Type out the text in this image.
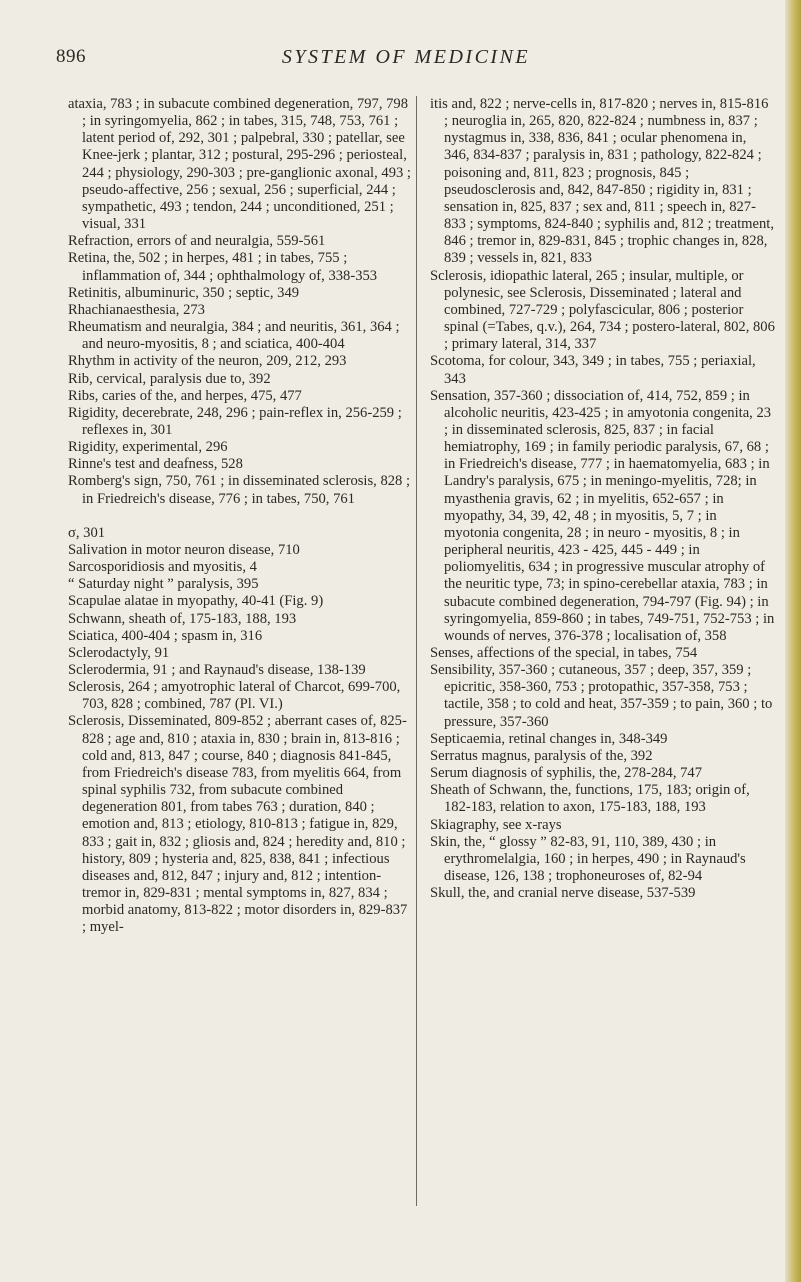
896	SYSTEM OF MEDICINE

ataxia, 783 ; in subacute combined degeneration, 797, 798 ; in syringomyelia, 862 ; in tabes, 315, 748, 753, 761 ; latent period of, 292, 301 ; palpebral, 330 ; patellar, see Knee-jerk ; plantar, 312 ; postural, 295-296 ; periosteal, 244 ; physiology, 290-303 ; pre-ganglionic axonal, 493 ; pseudo-affective, 256 ; sexual, 256 ; superficial, 244 ; sympathetic, 493 ; tendon, 244 ; unconditioned, 251 ; visual, 331

Refraction, errors of and neuralgia, 559-561

Retina, the, 502 ; in herpes, 481 ; in tabes, 755 ; inflammation of, 344 ; ophthalmology of, 338-353

Retinitis, albuminuric, 350 ; septic, 349

Rhachianaesthesia, 273

Rheumatism and neuralgia, 384 ; and neuritis, 361, 364 ; and neuro-myositis, 8 ; and sciatica, 400-404

Rhythm in activity of the neuron, 209, 212, 293

Rib, cervical, paralysis due to, 392

Ribs, caries of the, and herpes, 475, 477

Rigidity, decerebrate, 248, 296 ; pain-reflex in, 256-259 ; reflexes in, 301

Rigidity, experimental, 296

Rinne's test and deafness, 528

Romberg's sign, 750, 761 ; in disseminated sclerosis, 828 ; in Friedreich's disease, 776 ; in tabes, 750, 761

σ, 301

Salivation in motor neuron disease, 710

Sarcosporidiosis and myositis, 4

“ Saturday night ” paralysis, 395

Scapulae alatae in myopathy, 40-41 (Fig. 9)

Schwann, sheath of, 175-183, 188, 193

Sciatica, 400-404 ; spasm in, 316

Sclerodactyly, 91

Sclerodermia, 91 ; and Raynaud's disease, 138-139

Sclerosis, 264 ; amyotrophic lateral of Charcot, 699-700, 703, 828 ; combined, 787 (Pl. VI.)

Sclerosis, Disseminated, 809-852 ; aberrant cases of, 825-828 ; age and, 810 ; ataxia in, 830 ; brain in, 813-816 ; cold and, 813, 847 ; course, 840 ; diagnosis 841-845, from Friedreich's disease 783, from myelitis 664, from spinal syphilis 732, from subacute combined degeneration 801, from tabes 763 ; duration, 840 ; emotion and, 813 ; etiology, 810-813 ; fatigue in, 829, 833 ; gait in, 832 ; gliosis and, 824 ; heredity and, 810 ; history, 809 ; hysteria and, 825, 838, 841 ; infectious diseases and, 812, 847 ; injury and, 812 ; intention-tremor in, 829-831 ; mental symptoms in, 827, 834 ; morbid anatomy, 813-822 ; motor disorders in, 829-837 ; myel-

itis and, 822 ; nerve-cells in, 817-820 ; nerves in, 815-816 ; neuroglia in, 265, 820, 822-824 ; numbness in, 837 ; nystagmus in, 338, 836, 841 ; ocular phenomena in, 346, 834-837 ; paralysis in, 831 ; pathology, 822-824 ; poisoning and, 811, 823 ; prognosis, 845 ; pseudosclerosis and, 842, 847-850 ; rigidity in, 831 ; sensation in, 825, 837 ; sex and, 811 ; speech in, 827-833 ; symptoms, 824-840 ; syphilis and, 812 ; treatment, 846 ; tremor in, 829-831, 845 ; trophic changes in, 828, 839 ; vessels in, 821, 833

Sclerosis, idiopathic lateral, 265 ; insular, multiple, or polynesic, see Sclerosis, Disseminated ; lateral and combined, 727-729 ; polyfascicular, 806 ; posterior spinal (=Tabes, q.v.), 264, 734 ; postero-lateral, 802, 806 ; primary lateral, 314, 337

Scotoma, for colour, 343, 349 ; in tabes, 755 ; periaxial, 343

Sensation, 357-360 ; dissociation of, 414, 752, 859 ; in alcoholic neuritis, 423-425 ; in amyotonia congenita, 23 ; in disseminated sclerosis, 825, 837 ; in facial hemiatrophy, 169 ; in family periodic paralysis, 67, 68 ; in Friedreich's disease, 777 ; in haematomyelia, 683 ; in Landry's paralysis, 675 ; in meningo-myelitis, 728; in myasthenia gravis, 62 ; in myelitis, 652-657 ; in myopathy, 34, 39, 42, 48 ; in myositis, 5, 7 ; in myotonia congenita, 28 ; in neuro - myositis, 8 ; in peripheral neuritis, 423 - 425, 445 - 449 ; in poliomyelitis, 634 ; in progressive muscular atrophy of the neuritic type, 73; in spino-cerebellar ataxia, 783 ; in subacute combined degeneration, 794-797 (Fig. 94) ; in syringomyelia, 859-860 ; in tabes, 749-751, 752-753 ; in wounds of nerves, 376-378 ; localisation of, 358

Senses, affections of the special, in tabes, 754

Sensibility, 357-360 ; cutaneous, 357 ; deep, 357, 359 ; epicritic, 358-360, 753 ; protopathic, 357-358, 753 ; tactile, 358 ; to cold and heat, 357-359 ; to pain, 360 ; to pressure, 357-360

Septicaemia, retinal changes in, 348-349

Serratus magnus, paralysis of the, 392

Serum diagnosis of syphilis, the, 278-284, 747

Sheath of Schwann, the, functions, 175, 183; origin of, 182-183, relation to axon, 175-183, 188, 193

Skiagraphy, see x-rays

Skin, the, “ glossy ” 82-83, 91, 110, 389, 430 ; in erythromelalgia, 160 ; in herpes, 490 ; in Raynaud's disease, 126, 138 ; trophoneuroses of, 82-94

Skull, the, and cranial nerve disease, 537-539
